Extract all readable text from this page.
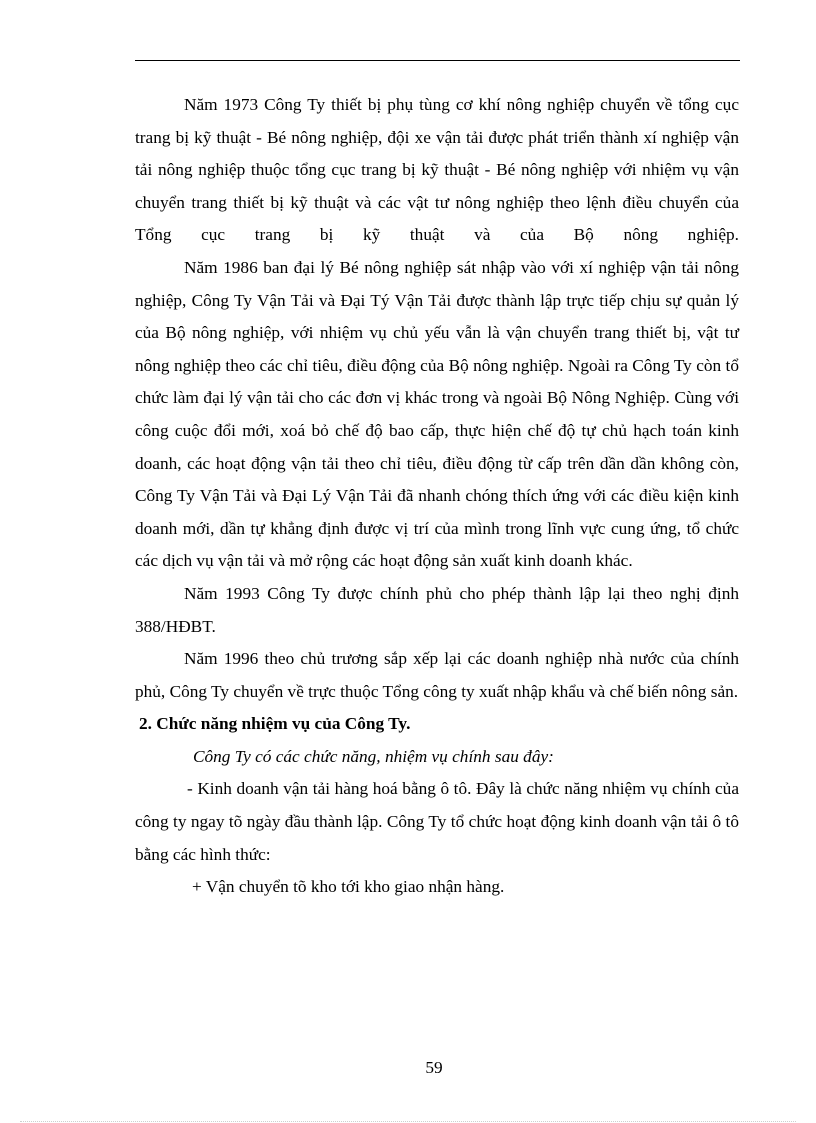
Năm 1973 Công Ty thiết bị phụ tùng cơ khí nông nghiệp chuyển về tổng cục trang bị kỹ thuật - Bé nông nghiệp, đội xe vận tải được phát triển thành xí nghiệp vận tải nông nghiệp thuộc tổng cục trang bị kỹ thuật - Bé nông nghiệp với nhiệm vụ vận chuyển trang thiết bị kỹ thuật và các vật tư nông nghiệp theo lệnh điều chuyển của Tổng cục trang bị kỹ thuật và của Bộ nông nghiệp.

Năm 1986 ban đại lý Bé nông nghiệp sát nhập vào với xí nghiệp vận tải nông nghiệp, Công Ty Vận Tải và Đại Tý Vận Tải được thành lập trực tiếp chịu sự quản lý của Bộ nông nghiệp, với nhiệm vụ chủ yếu vẫn là vận chuyển trang thiết bị, vật tư nông nghiệp theo các chỉ tiêu, điều động của Bộ nông nghiệp. Ngoài ra Công Ty còn tổ chức làm đại lý vận tải cho các đơn vị khác trong và ngoài Bộ Nông Nghiệp. Cùng với công cuộc đổi mới, xoá bỏ chế độ bao cấp, thực hiện chế độ tự chủ hạch toán kinh doanh, các hoạt động vận tải theo chỉ tiêu, điều động từ cấp trên dần dần không còn, Công Ty Vận Tải và Đại Lý Vận Tải đã nhanh chóng thích ứng với các điều kiện kinh doanh mới, dần tự khẳng định được vị trí của mình trong lĩnh vực cung ứng, tổ chức các dịch vụ vận tải và mở rộng các hoạt động sản xuất kinh doanh khác.

Năm 1993 Công Ty được chính phủ cho phép thành lập lại theo nghị định 388/HĐBT.

Năm 1996 theo chủ trương sắp xếp lại các doanh nghiệp nhà nước của chính phủ, Công Ty chuyển về trực thuộc Tổng công ty xuất nhập khẩu và chế biến nông sản.

2. Chức năng nhiệm vụ của Công Ty.

Công Ty có các chức năng, nhiệm vụ chính sau đây:

- Kinh doanh vận tải hàng hoá bằng ô tô. Đây là chức năng nhiệm vụ chính của công ty ngay tõ ngày đầu thành lập. Công Ty tổ chức hoạt động kinh doanh vận tải ô tô bằng các hình thức:

+ Vận chuyển tõ kho tới kho giao nhận hàng.

59
